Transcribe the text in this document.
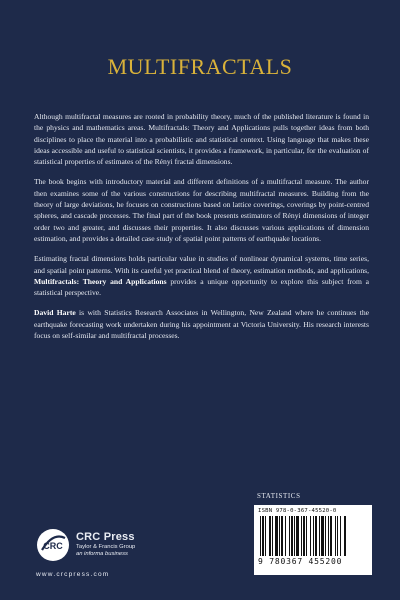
MULTIFRACTALS

Although multifractal measures are rooted in probability theory, much of the published literature is found in the physics and mathematics areas. Multifractals: Theory and Applications pulls together ideas from both disciplines to place the material into a probabilistic and statistical context. Using language that makes these ideas accessible and useful to statistical scientists, it provides a framework, in particular, for the evaluation of statistical properties of estimates of the Rényi fractal dimensions.

The book begins with introductory material and different definitions of a multifractal measure. The author then examines some of the various constructions for describing multifractal measures. Building from the theory of large deviations, he focuses on constructions based on lattice coverings, coverings by point-centred spheres, and cascade processes. The final part of the book presents estimators of Rényi dimensions of integer order two and greater, and discusses their properties. It also discusses various applications of dimension estimation, and provides a detailed case study of spatial point patterns of earthquake locations.

Estimating fractal dimensions holds particular value in studies of nonlinear dynamical systems, time series, and spatial point patterns. With its careful yet practical blend of theory, estimation methods, and applications, Multifractals: Theory and Applications provides a unique opportunity to explore this subject from a statistical perspective.

David Harte is with Statistics Research Associates in Wellington, New Zealand where he continues the earthquake forecasting work undertaken during his appointment at Victoria University. His research interests focus on self-similar and multifractal processes.

STATISTICS
ISBN 978-0-367-45520-0
9 780367 455200
CRC
CRC Press
Taylor & Francis Group
an informa business
www.crcpress.com
